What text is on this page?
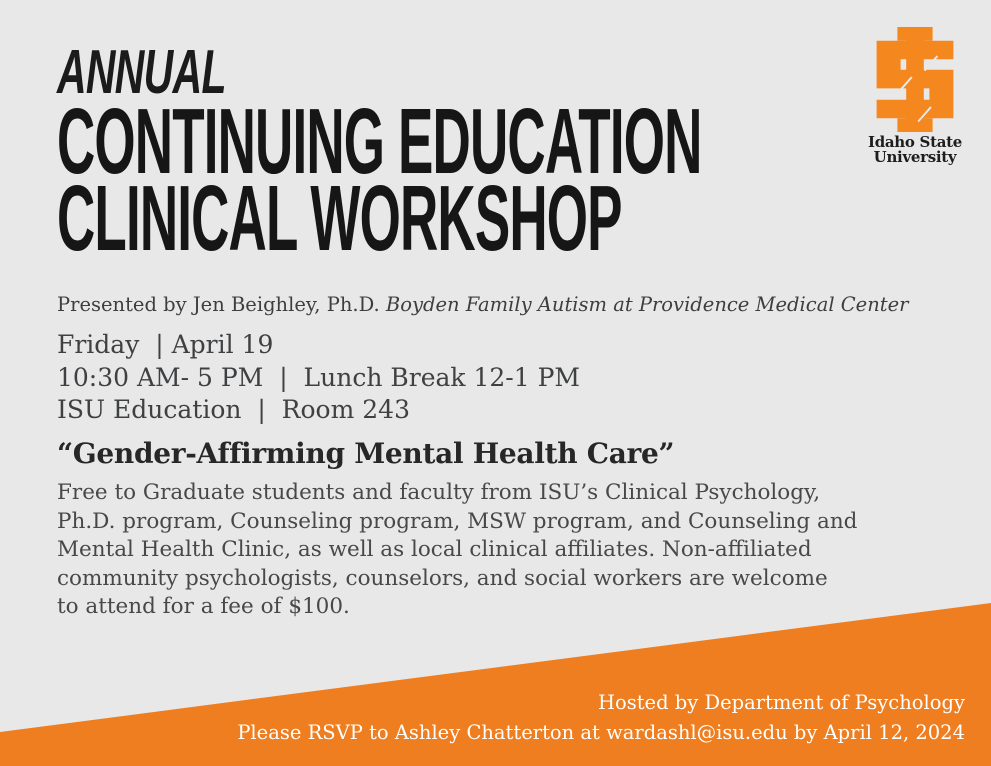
Idaho State
University
ANNUAL
CONTINUING EDUCATION
CLINICAL WORKSHOP
Presented by Jen Beighley, Ph.D. Boyden Family Autism at Providence Medical Center
Friday  | April 19
10:30 AM- 5 PM  |  Lunch Break 12-1 PM
ISU Education  |  Room 243
“Gender-Affirming Mental Health Care”
Free to Graduate students and faculty from ISU’s Clinical Psychology,
Ph.D. program, Counseling program, MSW program, and Counseling and
Mental Health Clinic, as well as local clinical affiliates. Non-affiliated
community psychologists, counselors, and social workers are welcome
to attend for a fee of $100.
Hosted by Department of Psychology
Please RSVP to Ashley Chatterton at wardashl@isu.edu by April 12, 2024
